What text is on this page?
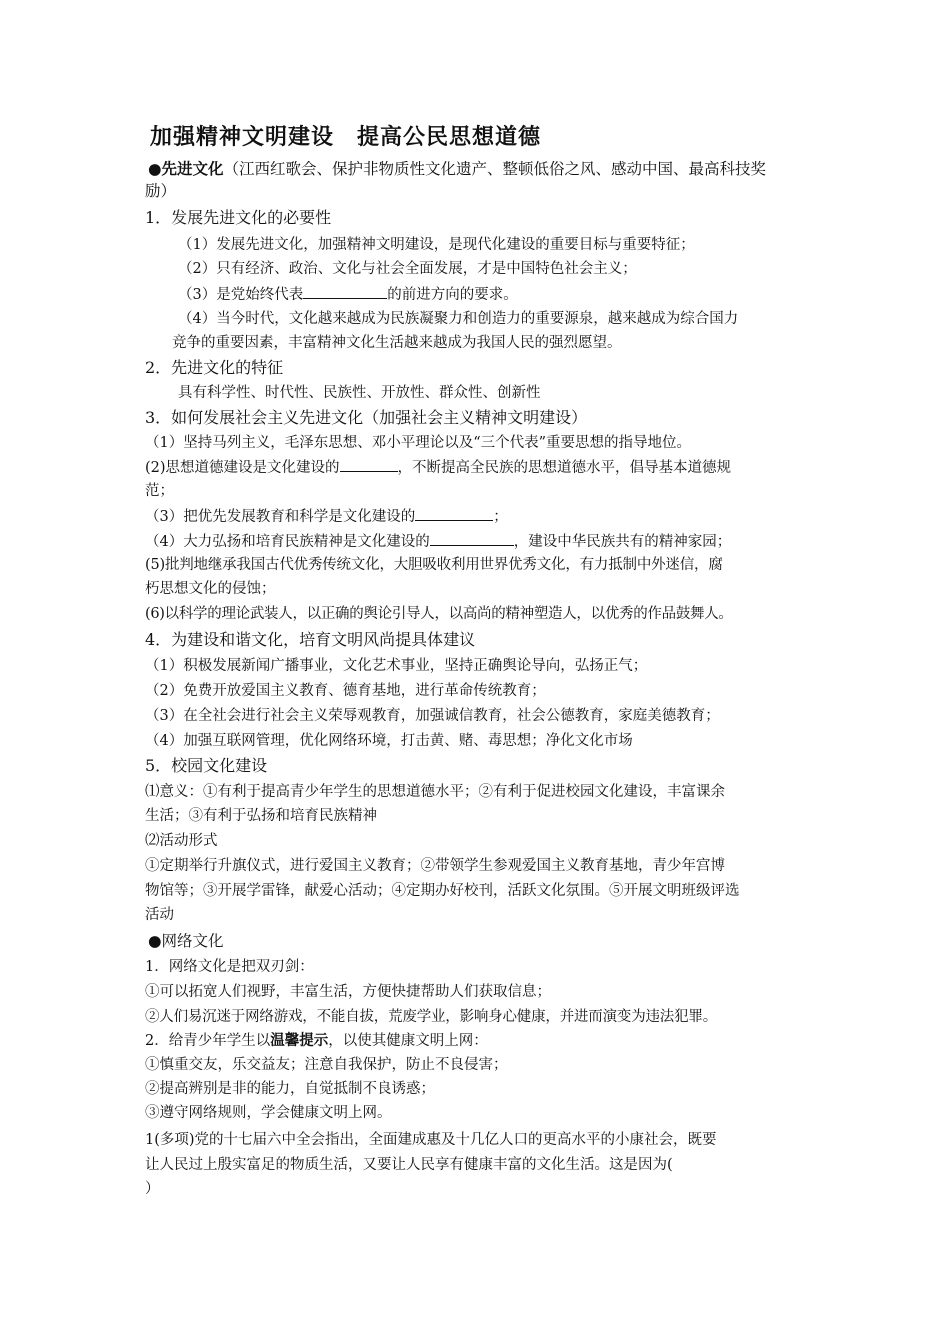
加强精神文明建设　提高公民思想道德
●先进文化（江西红歌会、保护非物质性文化遗产、整顿低俗之风、感动中国、最高科技奖
励）
1．发展先进文化的必要性
（1）发展先进文化，加强精神文明建设，是现代化建设的重要目标与重要特征；
（2）只有经济、政治、文化与社会全面发展，才是中国特色社会主义；
（3）是党始终代表	的前进方向的要求。
（4）当今时代，文化越来越成为民族凝聚力和创造力的重要源泉，越来越成为综合国力
竞争的重要因素，丰富精神文化生活越来越成为我国人民的强烈愿望。
2．先进文化的特征
具有科学性、时代性、民族性、开放性、群众性、创新性
3．如何发展社会主义先进文化（加强社会主义精神文明建设）
（1）坚持马列主义，毛泽东思想、邓小平理论以及“三个代表”重要思想的指导地位。
(2)思想道德建设是文化建设的	，不断提高全民族的思想道德水平，倡导基本道德规
范；
（3）把优先发展教育和科学是文化建设的	；
（4）大力弘扬和培育民族精神是文化建设的	，建设中华民族共有的精神家园；
(5)批判地继承我国古代优秀传统文化，大胆吸收利用世界优秀文化，有力抵制中外迷信，腐
朽思想文化的侵蚀；
(6)以科学的理论武装人，以正确的舆论引导人，以高尚的精神塑造人，以优秀的作品鼓舞人。
4．为建设和谐文化，培育文明风尚提具体建议
（1）积极发展新闻广播事业，文化艺术事业，坚持正确舆论导向，弘扬正气；
（2）免费开放爱国主义教育、德育基地，进行革命传统教育；
（3）在全社会进行社会主义荣辱观教育，加强诚信教育，社会公德教育，家庭美德教育；
（4）加强互联网管理，优化网络环境，打击黄、赌、毒思想；净化文化市场
5．校园文化建设
⑴意义：①有利于提高青少年学生的思想道德水平；②有利于促进校园文化建设，丰富课余
生活；③有利于弘扬和培育民族精神
⑵活动形式
①定期举行升旗仪式，进行爱国主义教育；②带领学生参观爱国主义教育基地，青少年宫博
物馆等；③开展学雷锋，献爱心活动；④定期办好校刊，活跃文化氛围。⑤开展文明班级评选
活动
●网络文化
1．网络文化是把双刃剑：
①可以拓宽人们视野，丰富生活，方便快捷帮助人们获取信息；
②人们易沉迷于网络游戏，不能自拔，荒废学业，影响身心健康，并进而演变为违法犯罪。
2．给青少年学生以温馨提示，以使其健康文明上网：
①慎重交友，乐交益友；注意自我保护，防止不良侵害；
②提高辨别是非的能力，自觉抵制不良诱惑；
③遵守网络规则，学会健康文明上网。
1(多项)党的十七届六中全会指出，全面建成惠及十几亿人口的更高水平的小康社会，既要
让人民过上殷实富足的物质生活，又要让人民享有健康丰富的文化生活。这是因为(
）
